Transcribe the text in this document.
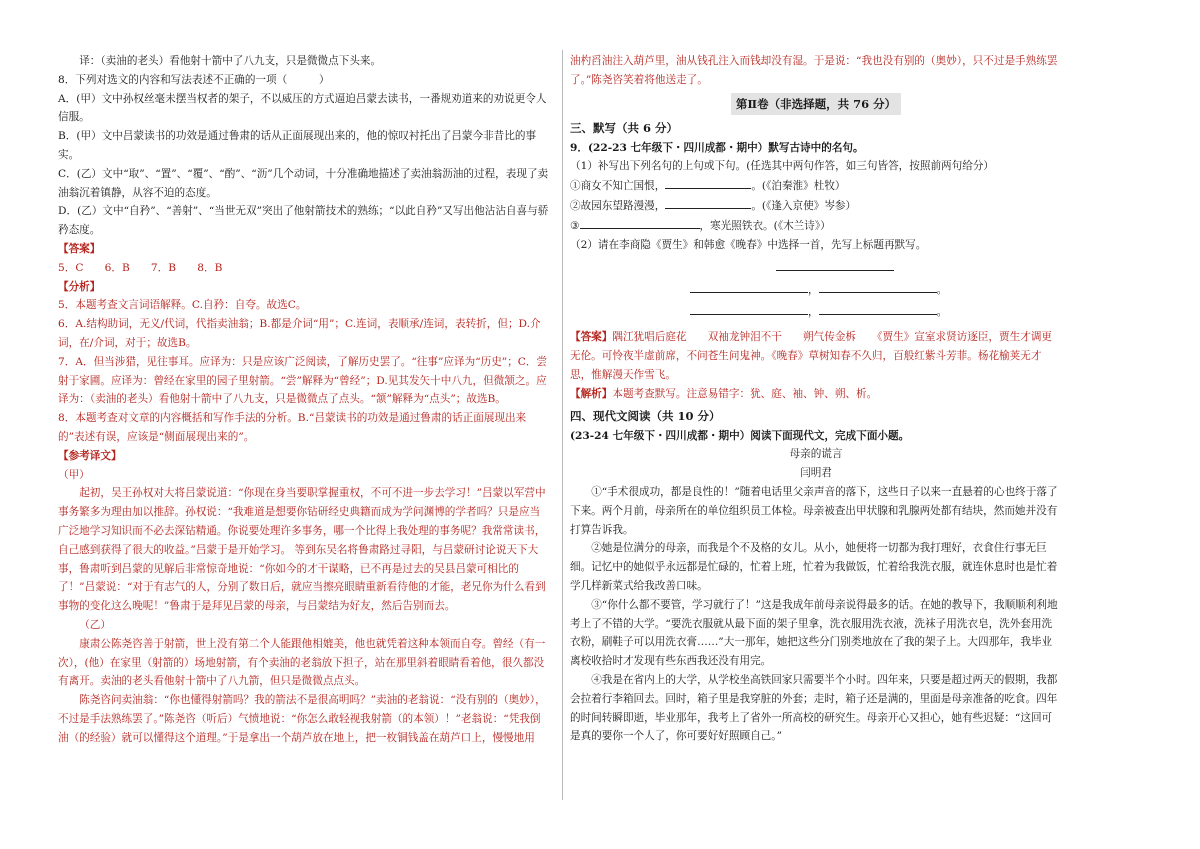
译：（卖油的老头）看他射十箭中了八九支，只是微微点下头来。

8．下列对选文的内容和写法表述不正确的一项（　　　）

A．(甲）文中孙权丝毫未摆当权者的架子，不以威压的方式逼迫吕蒙去读书，一番规劝道来的劝说更令人信服。

B．(甲）文中吕蒙读书的功效是通过鲁肃的话从正面展现出来的，他的惊叹衬托出了吕蒙今非昔比的事实。

C．(乙）文中“取”、“置”、“覆”、“酌”、“沥”几个动词，十分准确地描述了卖油翁沥油的过程，表现了卖油翁沉着镇静，从容不迫的态度。

D．(乙）文中“自矜”、“善射”、“当世无双”突出了他射箭技术的熟练；“以此自矜”又写出他沾沾自喜与骄矜态度。

【答案】

5．C　　6．B　　7．B　　8．B

【分析】

5．本题考查文言词语解释。C.自矜：自夸。故选C。

6．A.结构助词，无义/代词，代指卖油翁；B.都是介词“用”；C.连词，表顺承/连词，表转折，但；D.介词，在/介词，对于；故选B。

7．A．但当涉猎，见往事耳。应译为：只是应该广泛阅读，了解历史罢了。“往事”应译为“历史”；C．尝射于家圃。应译为：曾经在家里的园子里射箭。“尝”解释为“曾经”；D.见其发矢十中八九，但微颔之。应译为：（卖油的老头）看他射十箭中了八九支，只是微微点了点头。“颔”解释为“点头”；故选B。

8．本题考查对文章的内容概括和写作手法的分析。B.“吕蒙读书的功效是通过鲁肃的话正面展现出来的”表述有误，应该是“侧面展现出来的”。

【参考译文】

（甲）

起初，吴王孙权对大将吕蒙说道：“你现在身当要职掌握重权，不可不进一步去学习！”吕蒙以军营中事务繁多为理由加以推辞。孙权说：“我难道是想要你钻研经史典籍而成为学问渊博的学者吗？只是应当广泛地学习知识而不必去深钻精通。你说要处理许多事务，哪一个比得上我处理的事务呢？我常常读书，自己感到获得了很大的收益。”吕蒙于是开始学习。 等到东吴名将鲁肃路过寻阳，与吕蒙研讨论说天下大事，鲁肃听到吕蒙的见解后非常惊奇地说：“你如今的才干谋略，已不再是过去的吴县吕蒙可相比的了！”吕蒙说：“对于有志气的人，分别了数日后，就应当擦亮眼睛重新看待他的才能，老兄你为什么看到事物的变化这么晚呢！”鲁肃于是拜见吕蒙的母亲，与吕蒙结为好友，然后告别而去。

（乙）

康肃公陈尧咨善于射箭，世上没有第二个人能跟他相媲美，他也就凭着这种本领而自夸。曾经（有一次），(他）在家里（射箭的）场地射箭，有个卖油的老翁放下担子，站在那里斜着眼睛看着他，很久都没有离开。卖油的老头看他射十箭中了八九箭，但只是微微点点头。

陈尧咨问卖油翁：“你也懂得射箭吗？我的箭法不是很高明吗？”卖油的老翁说：“没有别的（奥妙），不过是手法熟练罢了。”陈尧咨（听后）气愤地说：“你怎么敢轻视我射箭（的本领）！”老翁说：“凭我倒油（的经验）就可以懂得这个道理。”于是拿出一个葫芦放在地上，把一枚铜钱盖在葫芦口上，慢慢地用

油杓舀油注入葫芦里，油从钱孔注入而钱却没有湿。于是说：“我也没有别的（奥妙），只不过是手熟练罢了。”陈尧咨笑着将他送走了。

第Ⅱ卷（非选择题，共 76 分）
三、默写（共 6 分）

9．(22-23 七年级下・四川成都・期中）默写古诗中的名句。

（1）补写出下列名句的上句或下句。(任选其中两句作答，如三句皆答，按照前两句给分）

①商女不知亡国恨，	。(《泊秦淮》杜牧）

②故园东望路漫漫，	。(《逢入京使》岑参）

③	，寒光照铁衣。(《木兰诗》）

（2）请在李商隐《贾生》和韩愈《晚春》中选择一首，先写上标题再默写。

，	。
，	。

【答案】隅江犹唱后庭花　　双袖龙钟泪不干　　朔气传金柝　　《贾生》宣室求贤访逐臣，贾生才调更无伦。可怜夜半虚前席，不问苍生问鬼神。《晚春》草树知春不久归，百般红紫斗芳菲。杨花榆荚无才思，惟解漫天作雪飞。

【解析】本题考查默写。注意易错字：犹、庭、袖、钟、朔、析。

四、现代文阅读（共 10 分）

(23-24 七年级下・四川成都・期中）阅读下面现代文，完成下面小题。

母亲的谎言

闫明君

①“手术很成功，都是良性的！”随着电话里父亲声音的落下，这些日子以来一直悬着的心也终于落了下来。两个月前，母亲所在的单位组织员工体检。母亲被查出甲状腺和乳腺两处都有结块，然而她并没有打算告诉我。

②她是位满分的母亲，而我是个不及格的女儿。从小，她便将一切都为我打理好，衣食住行事无巨细。记忆中的她似乎永远都是忙碌的，忙着上班，忙着为我做饭，忙着给我洗衣服，就连休息时也是忙着学几样新菜式给我改善口味。

③“你什么都不要管，学习就行了！”这是我成年前母亲说得最多的话。在她的教导下，我顺顺利利地考上了不错的大学。“要洗衣服就从最下面的架子里拿，洗衣服用洗衣液，洗袜子用洗衣皂，洗外套用洗衣粉，刷鞋子可以用洗衣膏……”大一那年，她把这些分门别类地放在了我的架子上。大四那年，我毕业离校收拾时才发现有些东西我还没有用完。

④我是在省内上的大学，从学校坐高铁回家只需要半个小时。四年来，只要是超过两天的假期，我都会拉着行李箱回去。回时，箱子里是我穿脏的外套；走时，箱子还是满的，里面是母亲准备的吃食。四年的时间转瞬即逝，毕业那年，我考上了省外一所高校的研究生。母亲开心又担心，她有些迟疑：“这回可是真的要你一个人了，你可要好好照顾自己。”
